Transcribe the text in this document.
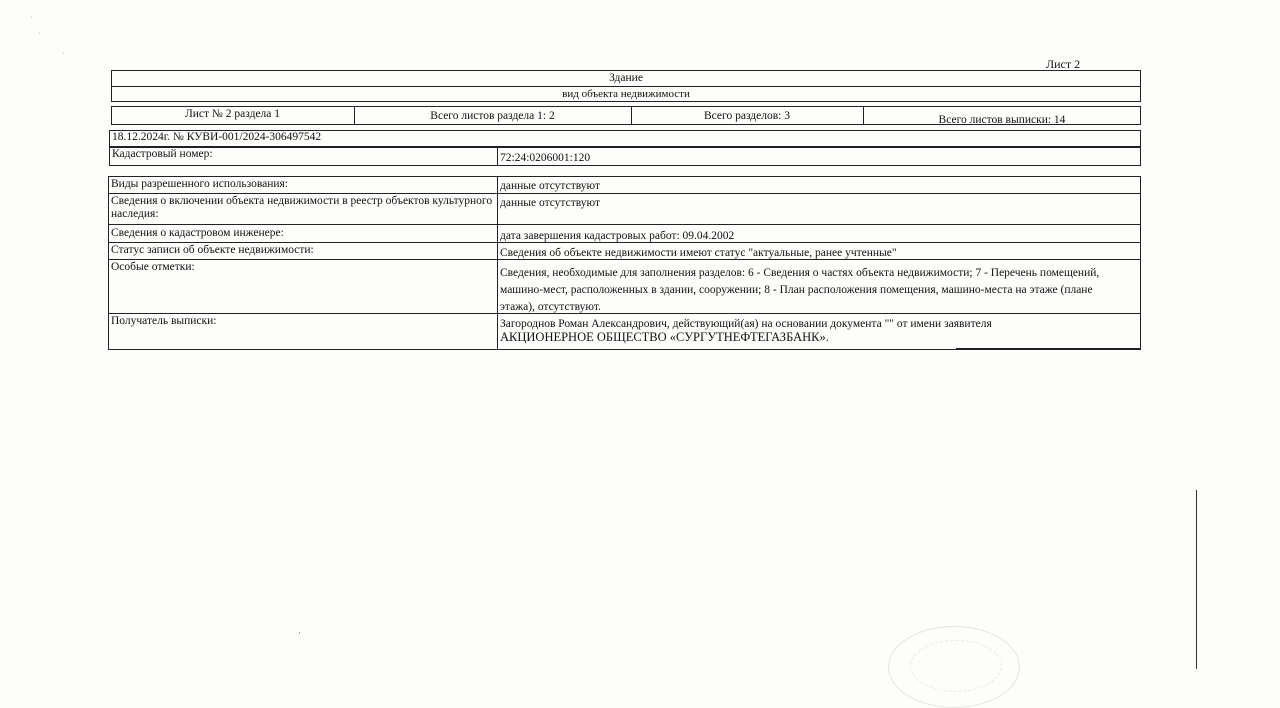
Лист 2
Здание
вид объекта недвижимости
Лист № 2 раздела 1	Всего листов раздела 1: 2	Всего разделов: 3	Всего листов выписки: 14
18.12.2024г. № КУВИ-001/2024-306497542
Кадастровый номер:	72:24:0206001:120
Виды разрешенного использования:	данные отсутствуют
Сведения о включении объекта недвижимости в реестр объектов культурного наследия:
данные отсутствуют
Сведения о кадастровом инженере:	дата завершения кадастровых работ: 09.04.2002
Статус записи об объекте недвижимости:	Сведения об объекте недвижимости имеют статус "актуальные, ранее учтенные"
Особые отметки:	Сведения, необходимые для заполнения разделов: 6 - Сведения о частях объекта недвижимости; 7 - Перечень помещений, машино-мест, расположенных в здании, сооружении; 8 - План расположения помещения, машино-места на этаже (плане этажа), отсутствуют.
Получатель выписки:	Загороднов Роман Александрович, действующий(ая) на основании документа "" от имени заявителя
АКЦИОНЕРНОЕ ОБЩЕСТВО «СУРГУТНЕФТЕГАЗБАНК».
·
·
·
·
